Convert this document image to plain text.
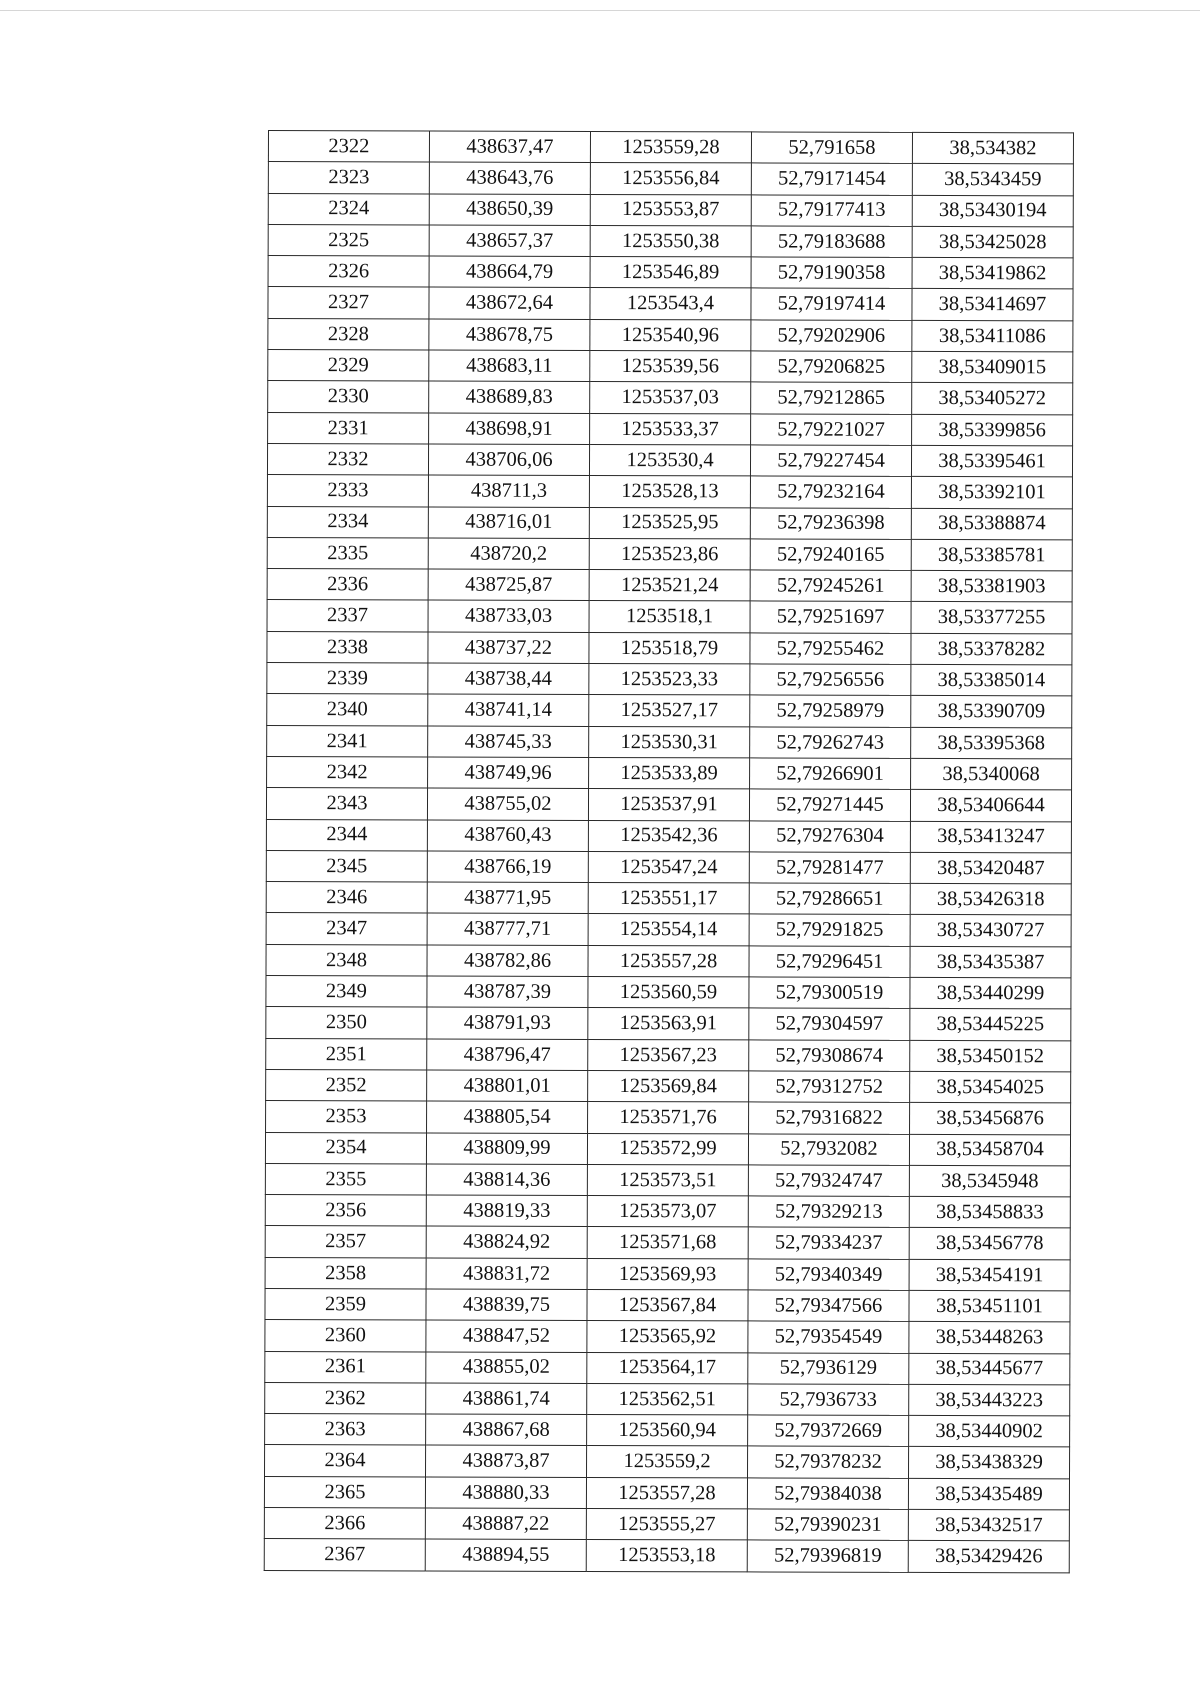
2322	438637,47	1253559,28	52,791658	38,534382
2323	438643,76	1253556,84	52,79171454	38,5343459
2324	438650,39	1253553,87	52,79177413	38,53430194
2325	438657,37	1253550,38	52,79183688	38,53425028
2326	438664,79	1253546,89	52,79190358	38,53419862
2327	438672,64	1253543,4	52,79197414	38,53414697
2328	438678,75	1253540,96	52,79202906	38,53411086
2329	438683,11	1253539,56	52,79206825	38,53409015
2330	438689,83	1253537,03	52,79212865	38,53405272
2331	438698,91	1253533,37	52,79221027	38,53399856
2332	438706,06	1253530,4	52,79227454	38,53395461
2333	438711,3	1253528,13	52,79232164	38,53392101
2334	438716,01	1253525,95	52,79236398	38,53388874
2335	438720,2	1253523,86	52,79240165	38,53385781
2336	438725,87	1253521,24	52,79245261	38,53381903
2337	438733,03	1253518,1	52,79251697	38,53377255
2338	438737,22	1253518,79	52,79255462	38,53378282
2339	438738,44	1253523,33	52,79256556	38,53385014
2340	438741,14	1253527,17	52,79258979	38,53390709
2341	438745,33	1253530,31	52,79262743	38,53395368
2342	438749,96	1253533,89	52,79266901	38,5340068
2343	438755,02	1253537,91	52,79271445	38,53406644
2344	438760,43	1253542,36	52,79276304	38,53413247
2345	438766,19	1253547,24	52,79281477	38,53420487
2346	438771,95	1253551,17	52,79286651	38,53426318
2347	438777,71	1253554,14	52,79291825	38,53430727
2348	438782,86	1253557,28	52,79296451	38,53435387
2349	438787,39	1253560,59	52,79300519	38,53440299
2350	438791,93	1253563,91	52,79304597	38,53445225
2351	438796,47	1253567,23	52,79308674	38,53450152
2352	438801,01	1253569,84	52,79312752	38,53454025
2353	438805,54	1253571,76	52,79316822	38,53456876
2354	438809,99	1253572,99	52,7932082	38,53458704
2355	438814,36	1253573,51	52,79324747	38,5345948
2356	438819,33	1253573,07	52,79329213	38,53458833
2357	438824,92	1253571,68	52,79334237	38,53456778
2358	438831,72	1253569,93	52,79340349	38,53454191
2359	438839,75	1253567,84	52,79347566	38,53451101
2360	438847,52	1253565,92	52,79354549	38,53448263
2361	438855,02	1253564,17	52,7936129	38,53445677
2362	438861,74	1253562,51	52,7936733	38,53443223
2363	438867,68	1253560,94	52,79372669	38,53440902
2364	438873,87	1253559,2	52,79378232	38,53438329
2365	438880,33	1253557,28	52,79384038	38,53435489
2366	438887,22	1253555,27	52,79390231	38,53432517
2367	438894,55	1253553,18	52,79396819	38,53429426
